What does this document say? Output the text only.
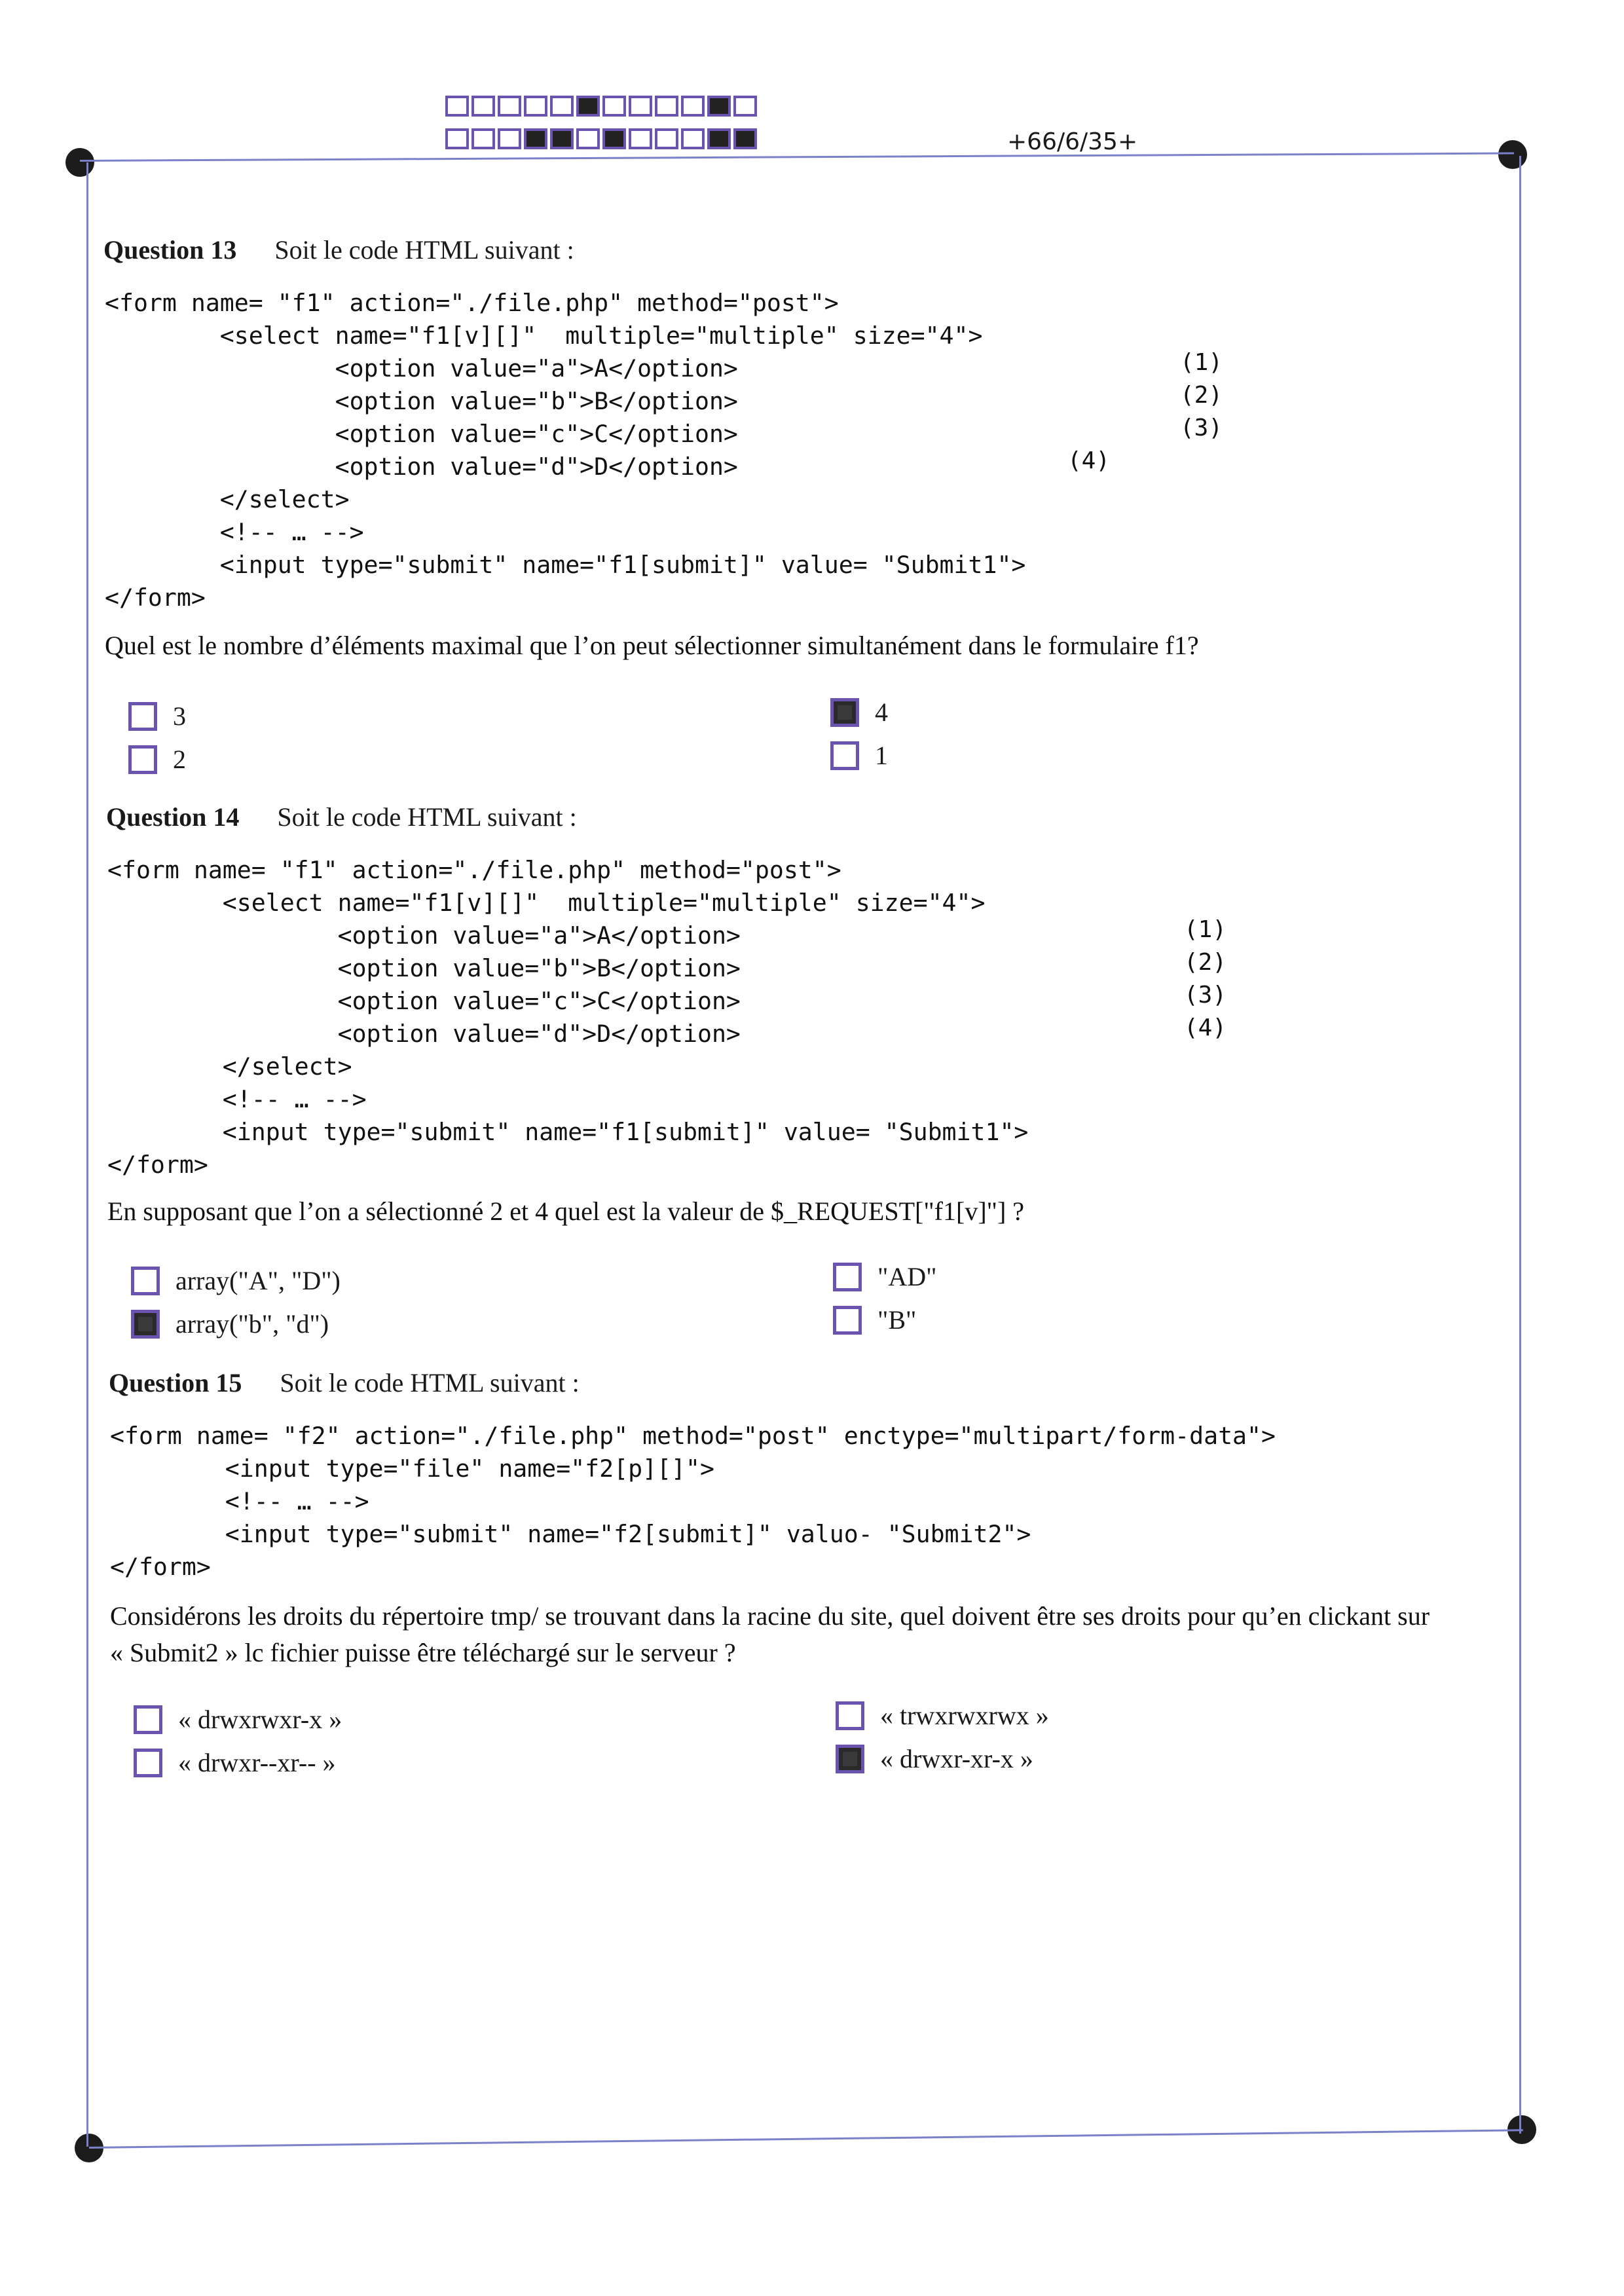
+66/6/35+
Question 13 Soit le code HTML suivant :
<form name= "f1" action="./file.php" method="post">
<select name="f1[v][]"  multiple="multiple" size="4">
<option value="a">A</option>
<option value="b">B</option>
<option value="c">C</option>
<option value="d">D</option>
</select>
<!-- … -->
<input type="submit" name="f1[submit]" value= "Submit1">
</form>
(1)
(2)
(3)
(4)
Quel est le nombre d’éléments maximal que l’on peut sélectionner simultanément dans le formulaire f1?
3
2
4
1
Question 14 Soit le code HTML suivant :
<form name= "f1" action="./file.php" method="post">
<select name="f1[v][]"  multiple="multiple" size="4">
<option value="a">A</option>
<option value="b">B</option>
<option value="c">C</option>
<option value="d">D</option>
</select>
<!-- … -->
<input type="submit" name="f1[submit]" value= "Submit1">
</form>
(1)
(2)
(3)
(4)
En supposant que l’on a sélectionné 2 et 4 quel est la valeur de $_REQUEST["f1[v]"] ?
array("A", "D")
array("b", "d")
"AD"
"B"
Question 15 Soit le code HTML suivant :
<form name= "f2" action="./file.php" method="post" enctype="multipart/form-data">
<input type="file" name="f2[p][]">
<!-- … -->
<input type="submit" name="f2[submit]" valuo- "Submit2">
</form>
Considérons les droits du répertoire tmp/ se trouvant dans la racine du site, quel doivent être ses droits pour qu’en clickant sur
« Submit2 » lc fichier puisse être téléchargé sur le serveur ?
« drwxrwxr-x »
« drwxr--xr-- »
« trwxrwxrwx »
« drwxr-xr-x »
